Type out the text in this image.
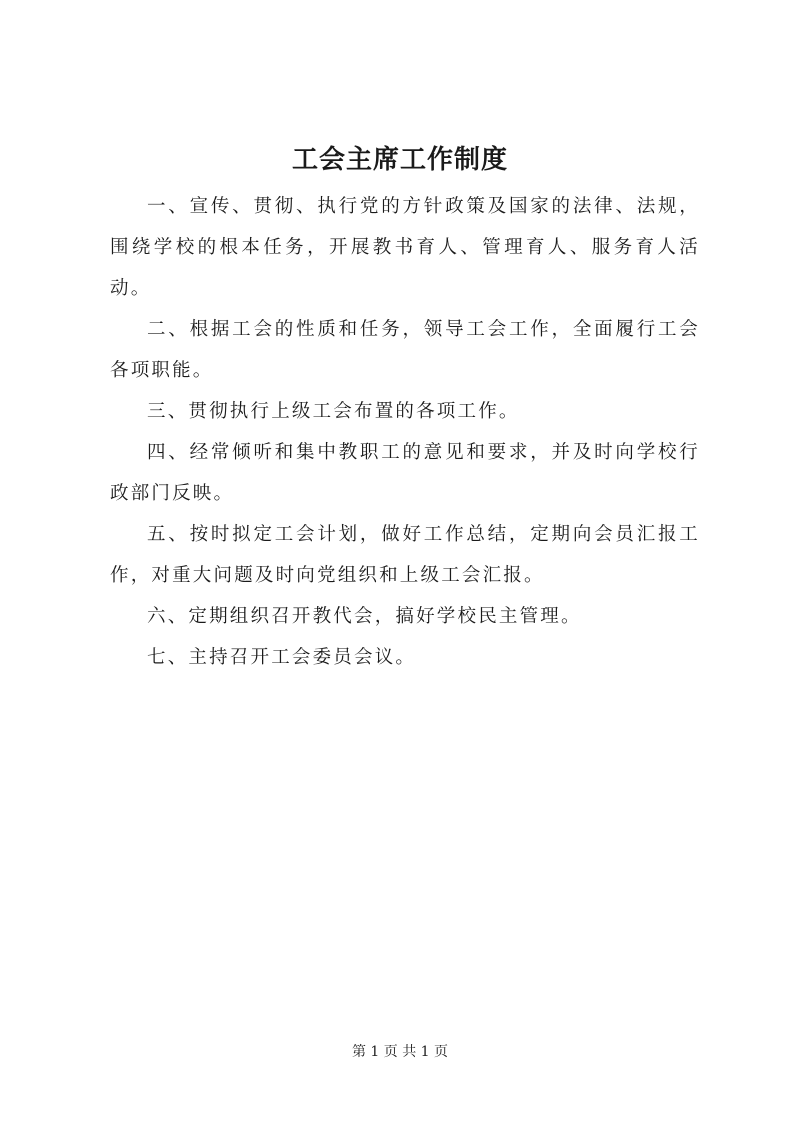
工会主席工作制度

一、宣传、贯彻、执行党的方针政策及国家的法律、法规，围绕学校的根本任务，开展教书育人、管理育人、服务育人活动。

二、根据工会的性质和任务，领导工会工作，全面履行工会各项职能。

三、贯彻执行上级工会布置的各项工作。

四、经常倾听和集中教职工的意见和要求，并及时向学校行政部门反映。

五、按时拟定工会计划，做好工作总结，定期向会员汇报工作，对重大问题及时向党组织和上级工会汇报。

六、定期组织召开教代会，搞好学校民主管理。

七、主持召开工会委员会议。

第 1 页 共 1 页
